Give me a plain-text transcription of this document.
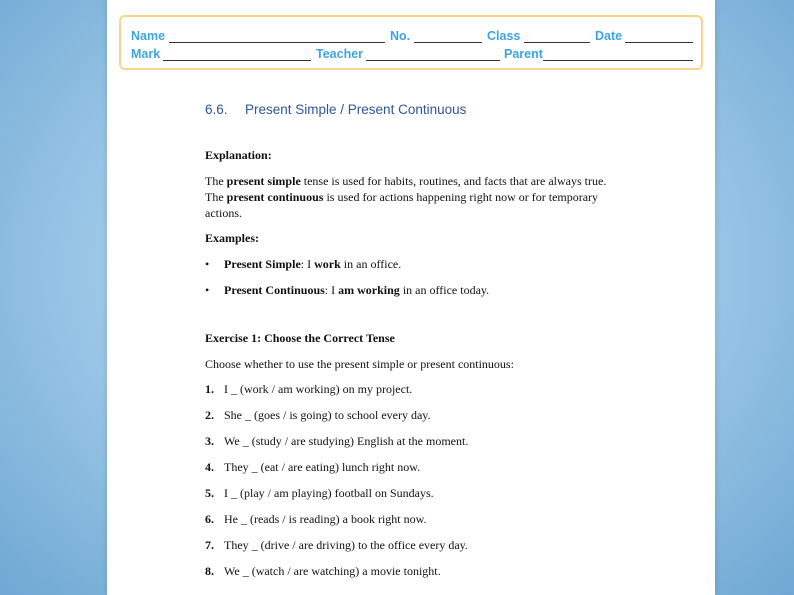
Name	No.	Class	Date
Mark	Teacher	Parent
6.6. Present Simple / Present Continuous
Explanation:
The present simple tense is used for habits, routines, and facts that are always true.
The present continuous is used for actions happening right now or for temporary actions.
Examples:
• Present Simple: I work in an office.
• Present Continuous: I am working in an office today.
Exercise 1: Choose the Correct Tense
Choose whether to use the present simple or present continuous:
1. I _ (work / am working) on my project.
2. She _ (goes / is going) to school every day.
3. We _ (study / are studying) English at the moment.
4. They _ (eat / are eating) lunch right now.
5. I _ (play / am playing) football on Sundays.
6. He _ (reads / is reading) a book right now.
7. They _ (drive / are driving) to the office every day.
8. We _ (watch / are watching) a movie tonight.
